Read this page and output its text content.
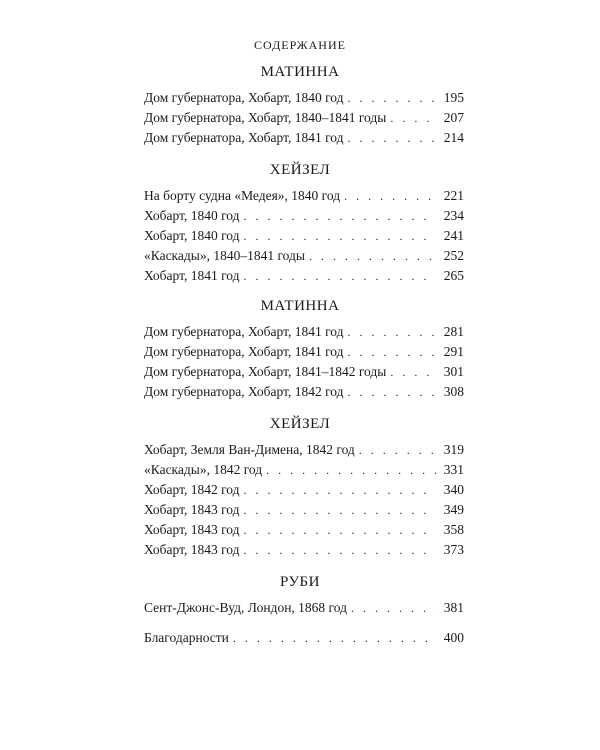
СОДЕРЖАНИЕ
МАТИННА
Дом губернатора, Хобарт, 1840 год . . .	195
Дом губернатора, Хобарт, 1840–1841 годы . . .	207
Дом губернатора, Хобарт, 1841 год . . .	214
ХЕЙЗЕЛ
На борту судна «Медея», 1840 год . . .	221
Хобарт, 1840 год . . .	234
Хобарт, 1840 год . . .	241
«Каскады», 1840–1841 годы . . .	252
Хобарт, 1841 год . . .	265
МАТИННА
Дом губернатора, Хобарт, 1841 год . . .	281
Дом губернатора, Хобарт, 1841 год . . .	291
Дом губернатора, Хобарт, 1841–1842 годы . . .	301
Дом губернатора, Хобарт, 1842 год . . .	308
ХЕЙЗЕЛ
Хобарт, Земля Ван-Димена, 1842 год . . .	319
«Каскады», 1842 год . . .	331
Хобарт, 1842 год . . .	340
Хобарт, 1843 год . . .	349
Хобарт, 1843 год . . .	358
Хобарт, 1843 год . . .	373
РУБИ
Сент-Джонс-Вуд, Лондон, 1868 год . . .	381
Благодарности . . .	400
